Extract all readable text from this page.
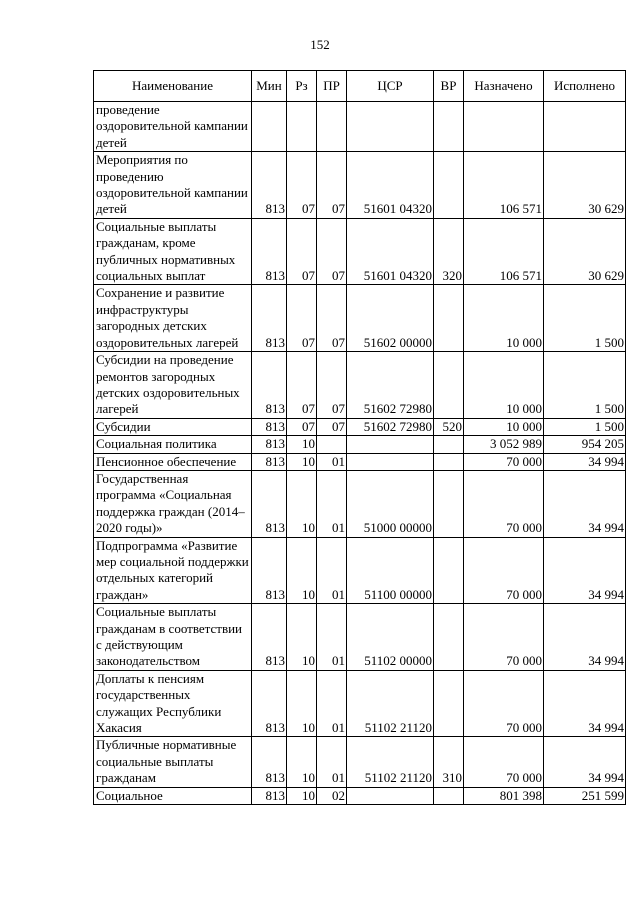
152
Наименование	Мин	Рз	ПР	ЦСР	ВР	Назначено	Исполнено
проведение оздоровительной кампании детей							
Мероприятия по проведению оздоровительной кампании детей	813	07	07	51601 04320		106 571	30 629
Социальные выплаты гражданам, кроме публичных нормативных социальных выплат	813	07	07	51601 04320	320	106 571	30 629
Сохранение и развитие инфраструктуры загородных детских оздоровительных лагерей	813	07	07	51602 00000		10 000	1 500
Субсидии на проведение ремонтов загородных детских оздоровительных лагерей	813	07	07	51602 72980		10 000	1 500
Субсидии	813	07	07	51602 72980	520	10 000	1 500
Социальная политика	813	10				3 052 989	954 205
Пенсионное обеспечение	813	10	01			70 000	34 994
Государственная программа «Социальная поддержка граждан (2014–2020 годы)»	813	10	01	51000 00000		70 000	34 994
Подпрограмма «Развитие мер социальной поддержки отдельных категорий граждан»	813	10	01	51100 00000		70 000	34 994
Социальные выплаты гражданам в соответствии с действующим законодательством	813	10	01	51102 00000		70 000	34 994
Доплаты к пенсиям государственных служащих Республики Хакасия	813	10	01	51102 21120		70 000	34 994
Публичные нормативные социальные выплаты гражданам	813	10	01	51102 21120	310	70 000	34 994
Социальное	813	10	02			801 398	251 599
